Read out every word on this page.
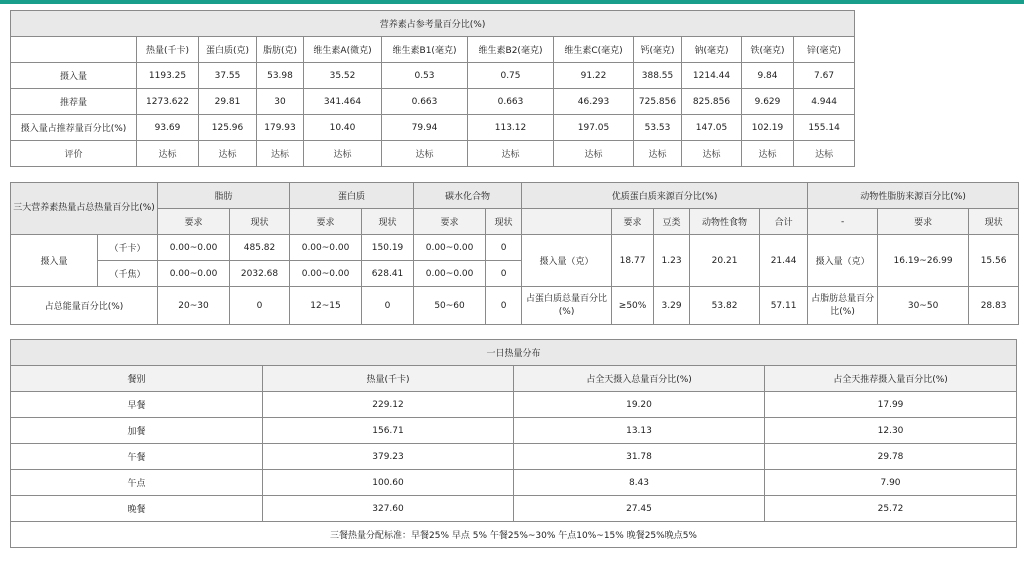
营养素占参考量百分比(%)											
	热量(千卡)	蛋白质(克)	脂肪(克)	维生素A(微克)	维生素B1(毫克)	维生素B2(毫克)	维生素C(毫克)	钙(毫克)	钠(毫克)	铁(毫克)	锌(毫克)
摄入量	1193.25	37.55	53.98	35.52	0.53	0.75	91.22	388.55	1214.44	9.84	7.67
推荐量	1273.622	29.81	30	341.464	0.663	0.663	46.293	725.856	825.856	9.629	4.944
摄入量占推荐量百分比(%)	93.69	125.96	179.93	10.40	79.94	113.12	197.05	53.53	147.05	102.19	155.14
评价	达标	达标	达标	达标	达标	达标	达标	达标	达标	达标	达标
三大营养素热量占总热量百分比(%)		脂肪		蛋白质		碳水化合物		优质蛋白质来源百分比(%)					动物性脂肪来源百分比(%)		
		要求	现状	要求	现状	要求	现状		要求	豆类	动物性食物	合计	-	要求	现状
摄入量	（千卡）	0.00~0.00	485.82	0.00~0.00	150.19	0.00~0.00	0	摄入量（克）	18.77	1.23	20.21	21.44	摄入量（克）	16.19~26.99	15.56
	（千焦）	0.00~0.00	2032.68	0.00~0.00	628.41	0.00~0.00	0								
占总能量百分比(%)		20~30	0	12~15	0	50~60	0	占蛋白质总量百分比(%)	≥50%	3.29	53.82	57.11	占脂肪总量百分比(%)	30~50	28.83
一日热量分布			
餐别	热量(千卡)	占全天摄入总量百分比(%)	占全天推荐摄入量百分比(%)
早餐	229.12	19.20	17.99
加餐	156.71	13.13	12.30
午餐	379.23	31.78	29.78
午点	100.60	8.43	7.90
晚餐	327.60	27.45	25.72
三餐热量分配标准：早餐25% 早点 5% 午餐25%~30% 午点10%~15% 晚餐25%晚点5%			
